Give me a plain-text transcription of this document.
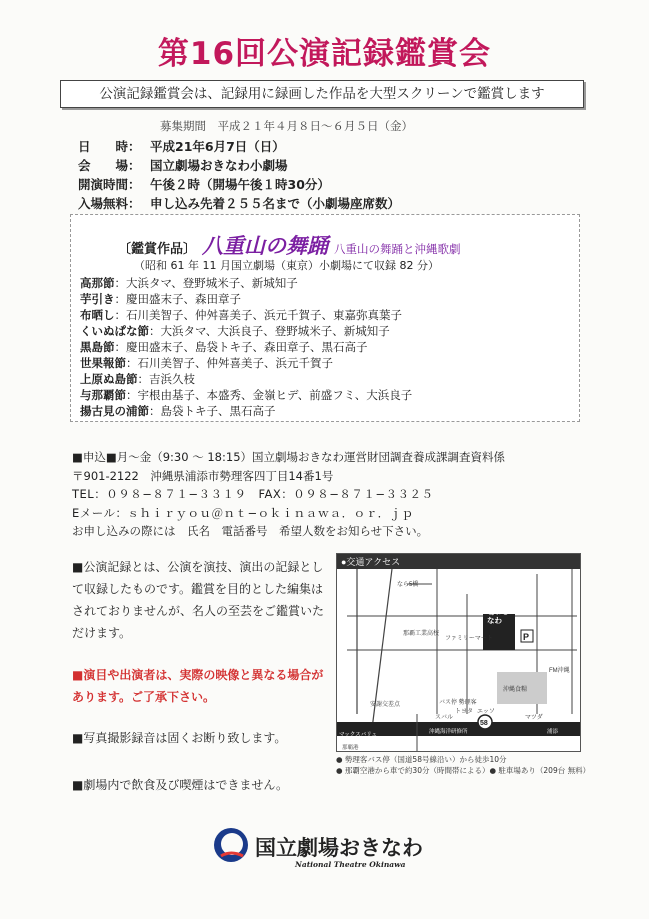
第16回公演記録鑑賞会
公演記録鑑賞会は、記録用に録画した作品を大型スクリーンで鑑賞します
募集期間　平成２１年４月８日〜６月５日（金）
日　　時： 平成21年6月7日（日）
会　　場： 国立劇場おきなわ小劇場
開演時間： 午後２時（開場午後１時30分）
入場無料： 申し込み先着２５５名まで（小劇場座席数）
〔鑑賞作品〕 八重山の舞踊 八重山の舞踊と沖縄歌劇
（昭和 61 年 11 月国立劇場（東京）小劇場にて収録 82 分）
高那節：大浜タマ、登野城米子、新城知子
芋引き：慶田盛末子、森田章子
布晒し：石川美智子、仲舛喜美子、浜元千賀子、東嘉弥真葉子
くいぬぱな節：大浜タマ、大浜良子、登野城米子、新城知子
黒島節：慶田盛末子、島袋トキ子、森田章子、黒石高子
世果報節：石川美智子、仲舛喜美子、浜元千賀子
上原ぬ島節：吉浜久枝
与那覇節：宇根由基子、本盛秀、金嶺ヒデ、前盛フミ、大浜良子
揚古見の浦節：島袋トキ子、黒石高子
■申込■月〜金（9:30 〜 18:15）国立劇場おきなわ運営財団調査養成課調査資料係
〒901-2122　沖縄県浦添市勢理客四丁目14番1号
TEL：０９８−８７１−３３１９　FAX：０９８−８７１−３３２５
Eメール：ｓｈｉｒｙｏｕ＠ｎｔ−ｏｋｉｎａｗａ．ｏｒ．ｊｐ
お申し込みの際には　氏名　電話番号　希望人数をお知らせ下さい。
■公演記録とは、公演を演技、演出の記録として収録したものです。鑑賞を目的とした編集はされておりませんが、名人の至芸をご鑑賞いただけます。
■演目や出演者は、実際の映像と異なる場合があります。ご了承下さい。
■写真撮影録音は固くお断り致します。
■劇場内で飲食及び喫煙はできません。
●交通アクセス
58
P
なら5橋
那覇工業高校
ファミリーマート
バス停 勢理客
安謝交差点
FM沖縄
沖縄食糧
トヨタ
スバル
エッソ
マツダ
マックスバリュ	沖縄海洋研修所	浦添
那覇港
国立劇場おきなわ
● 勢理客バス停（国道58号線沿い）から徒歩10分
● 那覇空港から車で約30分（時間帯による）● 駐車場あり（209台 無料）
国立劇場おきなわ
National Theatre Okinawa
